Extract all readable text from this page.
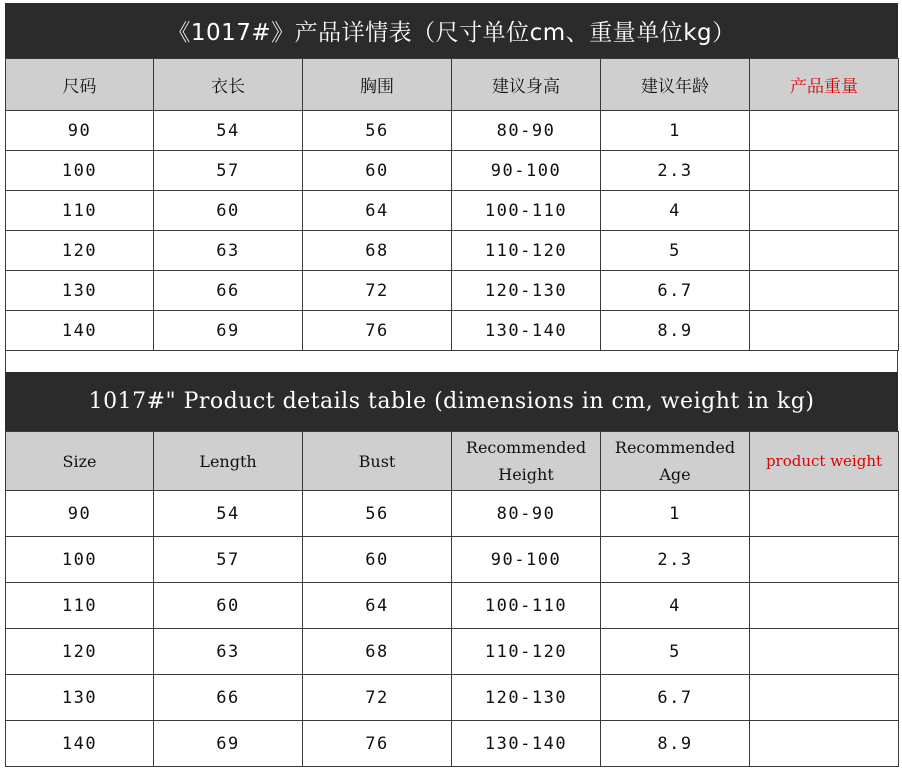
《1017#》产品详情表（尺寸单位cm、重量单位kg）
尺码	衣长	胸围	建议身高	建议年龄	产品重量
90	54	56	80-90	1	
100	57	60	90-100	2.3	
110	60	64	100-110	4	
120	63	68	110-120	5	
130	66	72	120-130	6.7	
140	69	76	130-140	8.9	
1017#" Product details table (dimensions in cm, weight in kg)
Size	Length	Bust	Recommended Height	Recommended Age	product weight
90	54	56	80-90	1	
100	57	60	90-100	2.3	
110	60	64	100-110	4	
120	63	68	110-120	5	
130	66	72	120-130	6.7	
140	69	76	130-140	8.9	
